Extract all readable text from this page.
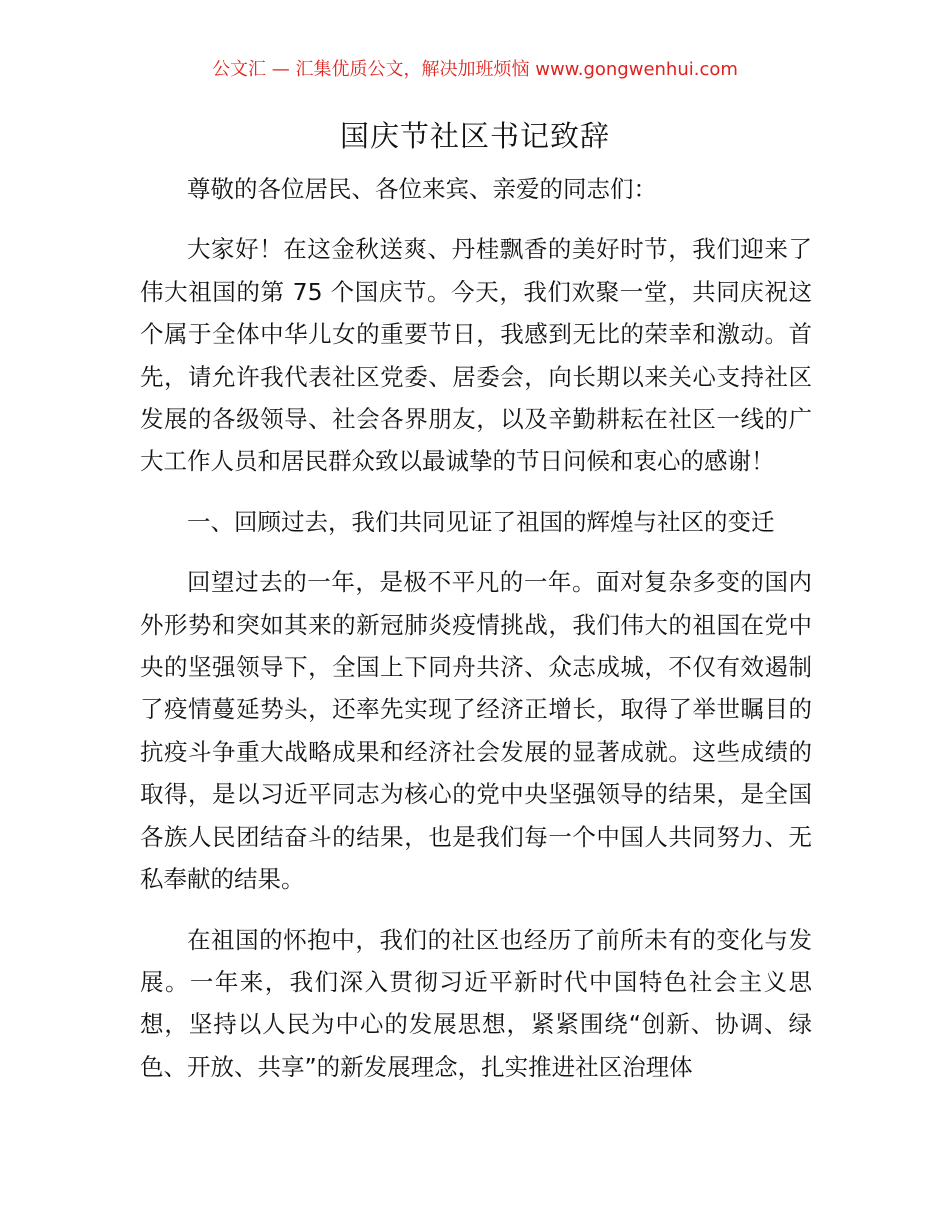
公文汇 — 汇集优质公文，解决加班烦恼 www.gongwenhui.com
国庆节社区书记致辞

尊敬的各位居民、各位来宾、亲爱的同志们：

大家好！在这金秋送爽、丹桂飘香的美好时节，我们迎来了伟大祖国的第 75 个国庆节。今天，我们欢聚一堂，共同庆祝这个属于全体中华儿女的重要节日，我感到无比的荣幸和激动。首先，请允许我代表社区党委、居委会，向长期以来关心支持社区发展的各级领导、社会各界朋友，以及辛勤耕耘在社区一线的广大工作人员和居民群众致以最诚挚的节日问候和衷心的感谢！

一、回顾过去，我们共同见证了祖国的辉煌与社区的变迁

回望过去的一年，是极不平凡的一年。面对复杂多变的国内外形势和突如其来的新冠肺炎疫情挑战，我们伟大的祖国在党中央的坚强领导下，全国上下同舟共济、众志成城，不仅有效遏制了疫情蔓延势头，还率先实现了经济正增长，取得了举世瞩目的抗疫斗争重大战略成果和经济社会发展的显著成就。这些成绩的取得，是以习近平同志为核心的党中央坚强领导的结果，是全国各族人民团结奋斗的结果，也是我们每一个中国人共同努力、无私奉献的结果。

在祖国的怀抱中，我们的社区也经历了前所未有的变化与发展。一年来，我们深入贯彻习近平新时代中国特色社会主义思想，坚持以人民为中心的发展思想，紧紧围绕“创新、协调、绿色、开放、共享”的新发展理念，扎实推进社区治理体
